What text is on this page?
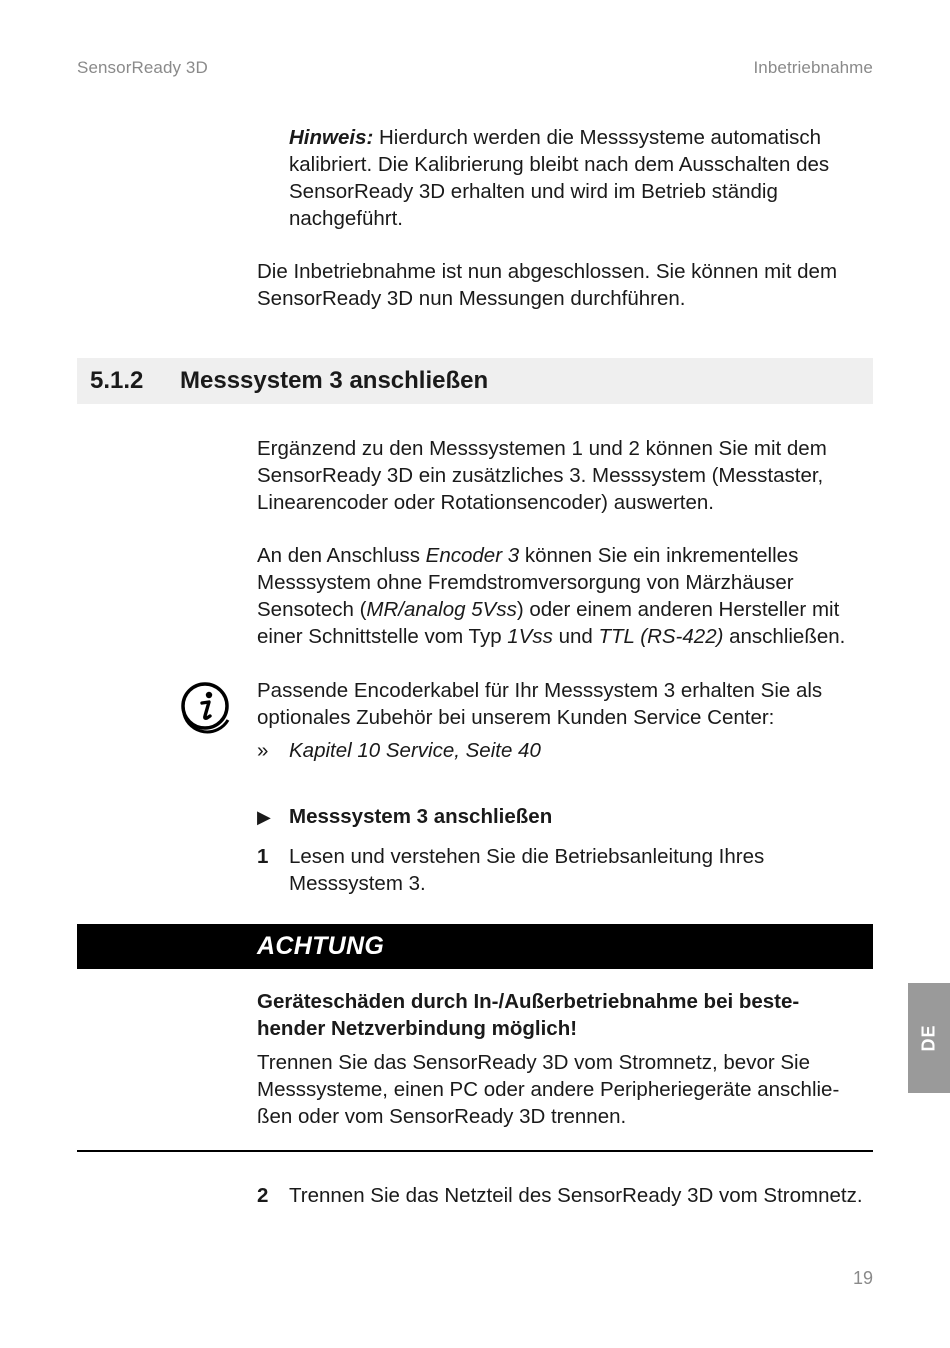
SensorReady 3D	Inbetriebnahme
Hinweis: Hierdurch werden die Messsysteme automatisch kalibriert. Die Kalibrierung bleibt nach dem Ausschalten des SensorReady 3D erhalten und wird im Betrieb ständig nachgeführt.
Die Inbetriebnahme ist nun abgeschlossen. Sie können mit dem SensorReady 3D nun Messungen durchführen.
5.1.2 Messsystem 3 anschließen
Ergänzend zu den Messsystemen 1 und 2 können Sie mit dem SensorReady 3D ein zusätzliches 3. Messsystem (Messtaster, Linearencoder oder Rotationsencoder) auswerten.
An den Anschluss Encoder 3 können Sie ein inkrementelles Messsystem ohne Fremdstromversorgung von Märzhäuser Sensotech (MR/analog 5Vss) oder einem anderen Hersteller mit einer Schnittstelle vom Typ 1Vss und TTL (RS-422) anschließen.
Passende Encoderkabel für Ihr Messsystem 3 erhalten Sie als optionales Zubehör bei unserem Kunden Service Center:
» Kapitel 10 Service, Seite 40
▶ Messsystem 3 anschließen
1 Lesen und verstehen Sie die Betriebsanleitung Ihres Messsystem 3.
ACHTUNG
Geräteschäden durch In-/Außerbetriebnahme bei beste-hender Netzverbindung möglich!
Trennen Sie das SensorReady 3D vom Stromnetz, bevor Sie Messsysteme, einen PC oder andere Peripheriegeräte anschlie-ßen oder vom SensorReady 3D trennen.
2 Trennen Sie das Netzteil des SensorReady 3D vom Stromnetz.
DE
19
